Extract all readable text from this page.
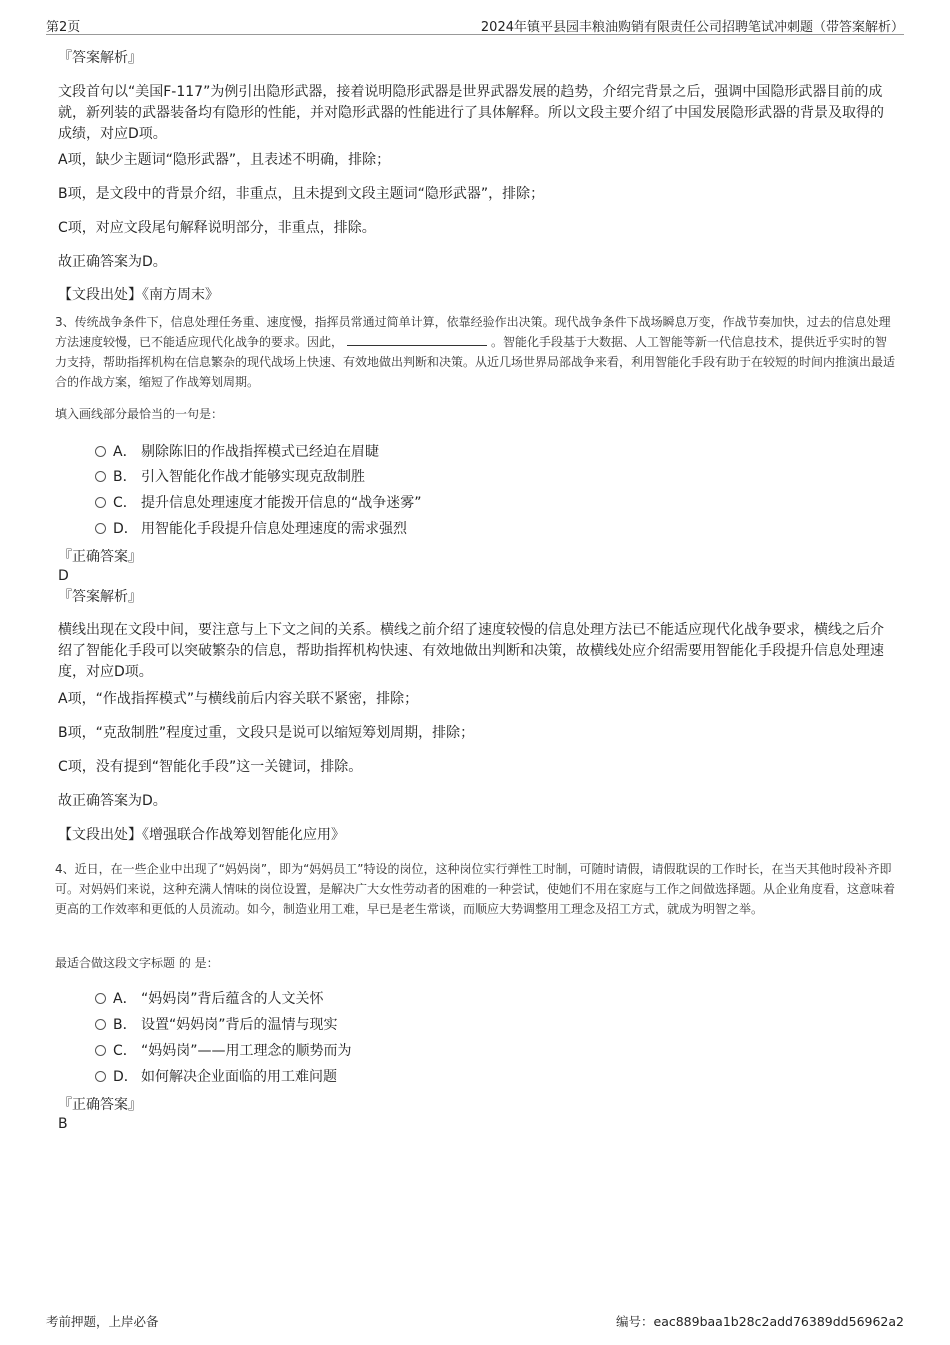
第2页	2024年镇平县园丰粮油购销有限责任公司招聘笔试冲刺题（带答案解析）

『答案解析』

文段首句以“美国F-117”为例引出隐形武器，接着说明隐形武器是世界武器发展的趋势，介绍完背景之后，强调中国隐形武器目前的成就，新列装的武器装备均有隐形的性能，并对隐形武器的性能进行了具体解释。所以文段主要介绍了中国发展隐形武器的背景及取得的成绩，对应D项。

A项，缺少主题词“隐形武器”，且表述不明确，排除；

B项，是文段中的背景介绍，非重点，且未提到文段主题词“隐形武器”，排除；

C项，对应文段尾句解释说明部分，非重点，排除。

故正确答案为D。

【文段出处】《南方周末》

3、传统战争条件下，信息处理任务重、速度慢，指挥员常通过简单计算，依靠经验作出决策。现代战争条件下战场瞬息万变，作战节奏加快，过去的信息处理方法速度较慢，已不能适应现代化战争的要求。因此，	。智能化手段基于大数据、人工智能等新一代信息技术，提供近乎实时的智力支持，帮助指挥机构在信息繁杂的现代战场上快速、有效地做出判断和决策。从近几场世界局部战争来看，利用智能化手段有助于在较短的时间内推演出最适合的作战方案，缩短了作战筹划周期。

填入画线部分最恰当的一句是：

A． 剔除陈旧的作战指挥模式已经迫在眉睫
B． 引入智能化作战才能够实现克敌制胜
C． 提升信息处理速度才能拨开信息的“战争迷雾”
D． 用智能化手段提升信息处理速度的需求强烈

『正确答案』

D

『答案解析』

横线出现在文段中间，要注意与上下文之间的关系。横线之前介绍了速度较慢的信息处理方法已不能适应现代化战争要求，横线之后介绍了智能化手段可以突破繁杂的信息，帮助指挥机构快速、有效地做出判断和决策，故横线处应介绍需要用智能化手段提升信息处理速度，对应D项。

A项，“作战指挥模式”与横线前后内容关联不紧密，排除；

B项，“克敌制胜”程度过重，文段只是说可以缩短筹划周期，排除；

C项，没有提到“智能化手段”这一关键词，排除。

故正确答案为D。

【文段出处】《增强联合作战筹划智能化应用》

4、近日，在一些企业中出现了“妈妈岗”，即为“妈妈员工”特设的岗位，这种岗位实行弹性工时制，可随时请假，请假耽误的工作时长，在当天其他时段补齐即可。对妈妈们来说，这种充满人情味的岗位设置，是解决广大女性劳动者的困难的一种尝试，使她们不用在家庭与工作之间做选择题。从企业角度看，这意味着更高的工作效率和更低的人员流动。如今，制造业用工难，早已是老生常谈，而顺应大势调整用工理念及招工方式，就成为明智之举。

最适合做这段文字标题 的 是：

A． “妈妈岗”背后蕴含的人文关怀
B． 设置“妈妈岗”背后的温情与现实
C． “妈妈岗”——用工理念的顺势而为
D． 如何解决企业面临的用工难问题

『正确答案』

B

考前押题，上岸必备	编号：eac889baa1b28c2add76389dd56962a2
